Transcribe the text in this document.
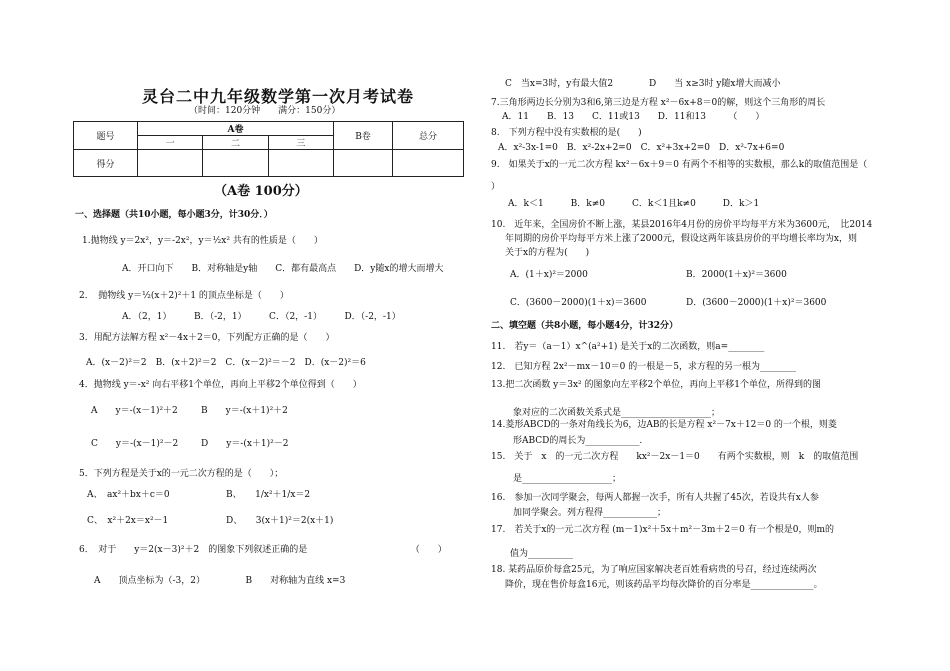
灵台二中九年级数学第一次月考试卷
（时间：120分钟　　满分：150分）
题号	A卷			B卷	总分
	一	二	三		
得分					
（A卷 100分）
一、选择题（共10小题，每小题3分，计30分．）
1.抛物线 y＝2x²，y＝-2x²，y＝½x² 共有的性质是（　　）
A．开口向下　　B．对称轴是y轴　　C．都有最高点　　D．y随x的增大而增大
2．　抛物线 y＝½(x＋2)²＋1 的顶点坐标是（　　）
A．（2，1）　　　B．（-2，1）　　　C．（2，-1）　　　D．（-2，-1）
3．用配方法解方程 x²－4x＋2＝0，下列配方正确的是（　　）
A．(x－2)²＝2　B．(x＋2)²＝2　C．(x－2)²＝－2　D．(x－2)²＝6
4．抛物线 y＝-x² 向右平移1个单位，再向上平移2个单位得到（　　）
A　　y＝-(x－1)²＋2	B　　y＝-(x＋1)²＋2
C　　y＝-(x－1)²－2	D　　y＝-(x＋1)²－2
5．下列方程是关于x的一元二次方程的是（　　）；
A、　ax²＋bx＋c＝0	B、　　1/x²＋1/x＝2
C、　x²＋2x＝x²－1	D、　　3(x＋1)²＝2(x＋1)
6．　对于　　y＝2(x－3)²＋2　的图象下列叙述正确的是　　　　　　　　　　　　（　　）
A　　顶点坐标为（-3，2）　　　　　B　　对称轴为直线 x=3
C　当x=3时，y有最大值2　　　　D　　当 x≥3时 y随x增大而减小
7.三角形两边长分别为3和6,第三边是方程 x²－6x+8＝0的解，则这个三角形的周长
A．11　　B．13　　C．11或13　　D．11和13　　　（　　）
8.　下列方程中没有实数根的是(　　)
A．x²-3x-1=0　B．x²-2x+2=0　C．x²+3x+2=0　D．x²-7x+6=0
9.　如果关于x的一元二次方程 kx²－6x＋9＝0 有两个不相等的实数根，那么k的取值范围是（
）
A．k＜1　　　B．k≠0　　　C．k＜1且k≠0　　　D．k＞1
10.　近年来，全国房价不断上涨，某县2016年4月份的房价平均每平方米为3600元，　比2014
年同期的房价平均每平方米上涨了2000元，假设这两年该县房价的平均增长率均为x，则
关于x的方程为(　　)
A．(1＋x)²＝2000	B．2000(1＋x)²＝3600
C．(3600－2000)(1＋x)＝3600	D．(3600－2000)(1＋x)²＝3600
二、填空题（共8小题，每小题4分，计32分）
11.　若y＝（a－1）x^(a²+1) 是关于x的二次函数，则a=________
12.　已知方程 2x²－mx－10＝0 的一根是－5，求方程的另一根为________
13.把二次函数 y＝3x² 的图象向左平移2个单位，再向上平移1个单位，所得到的图
象对应的二次函数关系式是____________________；
14.菱形ABCD的一条对角线长为6，边AB的长是方程 x²－7x＋12＝0 的一个根，则菱
形ABCD的周长为____________.
15.　关于　x　的一元二次方程　　kx²－2x－1＝0　　有两个实数根，则　k　的取值范围
是____________________；
16.　参加一次同学聚会，每两人都握一次手，所有人共握了45次，若设共有x人参
加同学聚会。列方程得____________；
17.　若关于x的一元二次方程 (m－1)x²＋5x＋m²－3m＋2＝0 有一个根是0，则m的
值为__________
18. 某药品原价每盒25元，为了响应国家解决老百姓看病贵的号召，经过连续两次
降价，现在售价每盒16元，则该药品平均每次降价的百分率是______________。
